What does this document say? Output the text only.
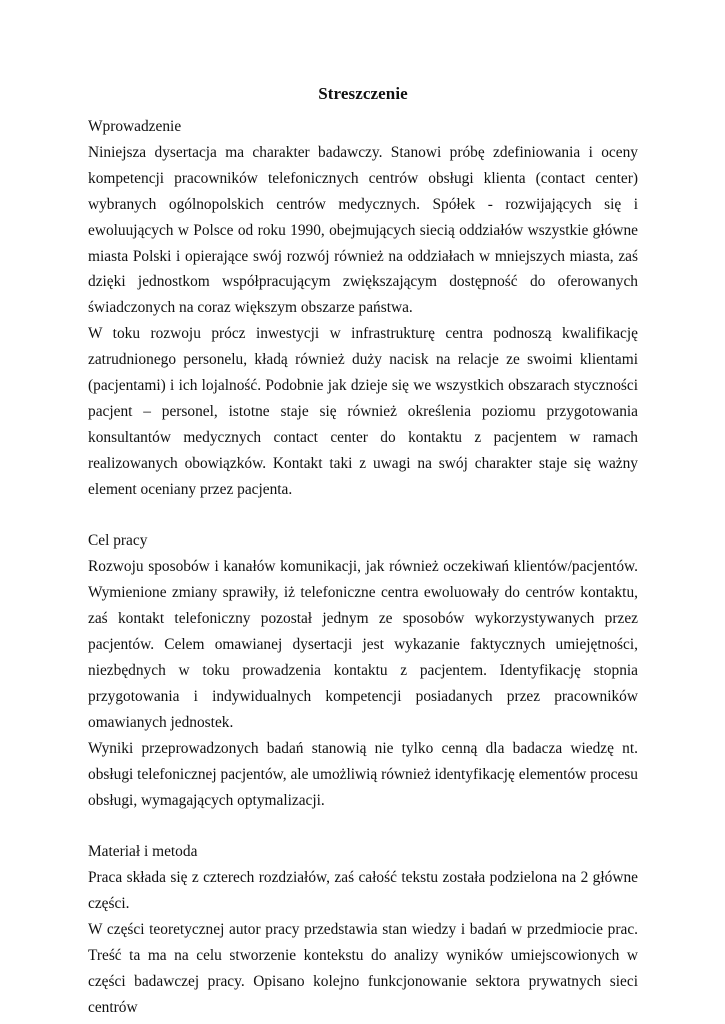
Streszczenie

Wprowadzenie

Niniejsza dysertacja ma charakter badawczy. Stanowi próbę zdefiniowania i oceny kompetencji pracowników telefonicznych centrów obsługi klienta (contact center) wybranych ogólnopolskich centrów medycznych. Spółek - rozwijających się i ewoluujących w Polsce od roku 1990, obejmujących siecią oddziałów wszystkie główne miasta Polski i opierające swój rozwój również na oddziałach w mniejszych miasta, zaś dzięki jednostkom współpracującym zwiększającym dostępność do oferowanych świadczonych na coraz większym obszarze państwa.

W toku rozwoju prócz inwestycji w infrastrukturę centra podnoszą kwalifikację zatrudnionego personelu, kładą również duży nacisk na relacje ze swoimi klientami (pacjentami) i ich lojalność. Podobnie jak dzieje się we wszystkich obszarach styczności pacjent – personel, istotne staje się również określenia poziomu przygotowania konsultantów medycznych contact center do kontaktu z pacjentem w ramach realizowanych obowiązków. Kontakt taki z uwagi na swój charakter staje się ważny element oceniany przez pacjenta.

Cel pracy

Rozwoju sposobów i kanałów komunikacji, jak również oczekiwań klientów/pacjentów. Wymienione zmiany sprawiły, iż telefoniczne centra ewoluowały do centrów kontaktu, zaś kontakt telefoniczny pozostał jednym ze sposobów wykorzystywanych przez pacjentów. Celem omawianej dysertacji jest wykazanie faktycznych umiejętności, niezbędnych w toku prowadzenia kontaktu z pacjentem. Identyfikację stopnia przygotowania i indywidualnych kompetencji posiadanych przez pracowników omawianych jednostek.

Wyniki przeprowadzonych badań stanowią nie tylko cenną dla badacza wiedzę nt. obsługi telefonicznej pacjentów, ale umożliwią również identyfikację elementów procesu obsługi, wymagających optymalizacji.

Materiał i metoda

Praca składa się z czterech rozdziałów, zaś całość tekstu została podzielona na 2 główne części.

W części teoretycznej autor pracy przedstawia stan wiedzy i badań w przedmiocie prac. Treść ta ma na celu stworzenie kontekstu do analizy wyników umiejscowionych w części badawczej pracy. Opisano kolejno funkcjonowanie sektora prywatnych sieci centrów
